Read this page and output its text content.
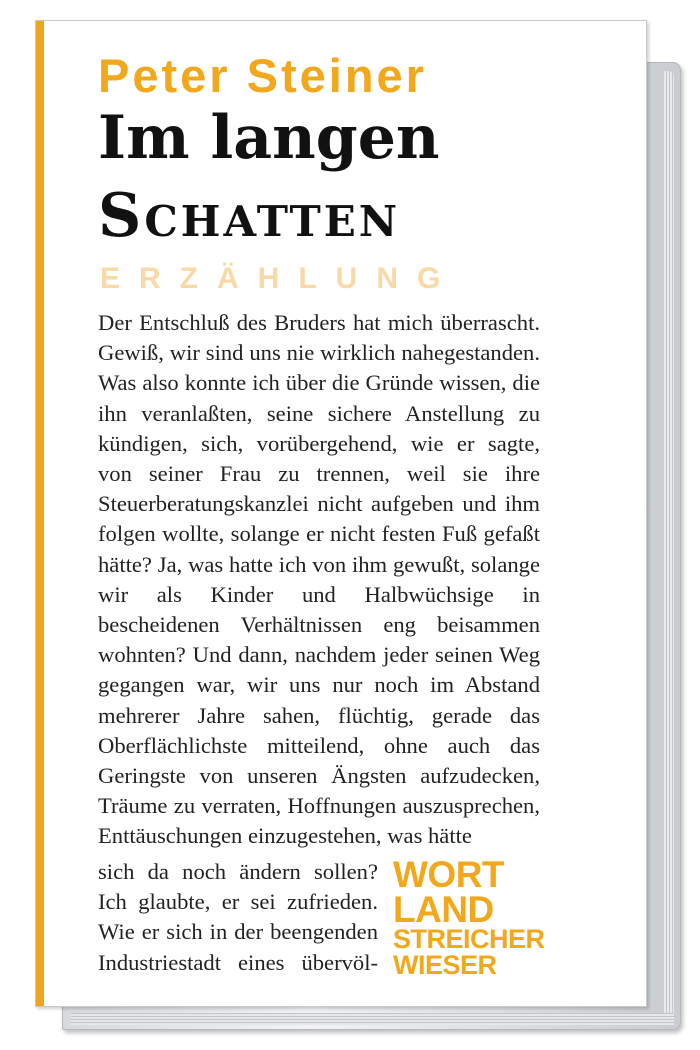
Peter Steiner
Im langen
Schatten
ERZÄHLUNG
Der Entschluß des Bruders hat mich überrascht. Gewiß, wir sind uns nie wirklich nahegestanden. Was also konnte ich über die Gründe wissen, die ihn veranlaßten, seine sichere Anstellung zu kündigen, sich, vorübergehend, wie er sagte, von seiner Frau zu trennen, weil sie ihre Steuerberatungskanzlei nicht aufgeben und ihm folgen wollte, solange er nicht festen Fuß gefaßt hätte? Ja, was hatte ich von ihm gewußt, solange wir als Kinder und Halbwüchsige in bescheidenen Verhältnissen eng beisammen wohnten? Und dann, nachdem jeder seinen Weg gegangen war, wir uns nur noch im Abstand mehrerer Jahre sahen, flüchtig, gerade das Oberflächlichste mitteilend, ohne auch das Geringste von unseren Ängsten aufzudecken, Träume zu verraten, Hoffnungen auszusprechen, Enttäuschungen einzugestehen, was hätte
sich da noch ändern sollen?
Ich glaubte, er sei zufrieden.
Wie er sich in der beengenden
Industriestadt eines übervöl-
WORT
LAND
STREICHER
WIESER
